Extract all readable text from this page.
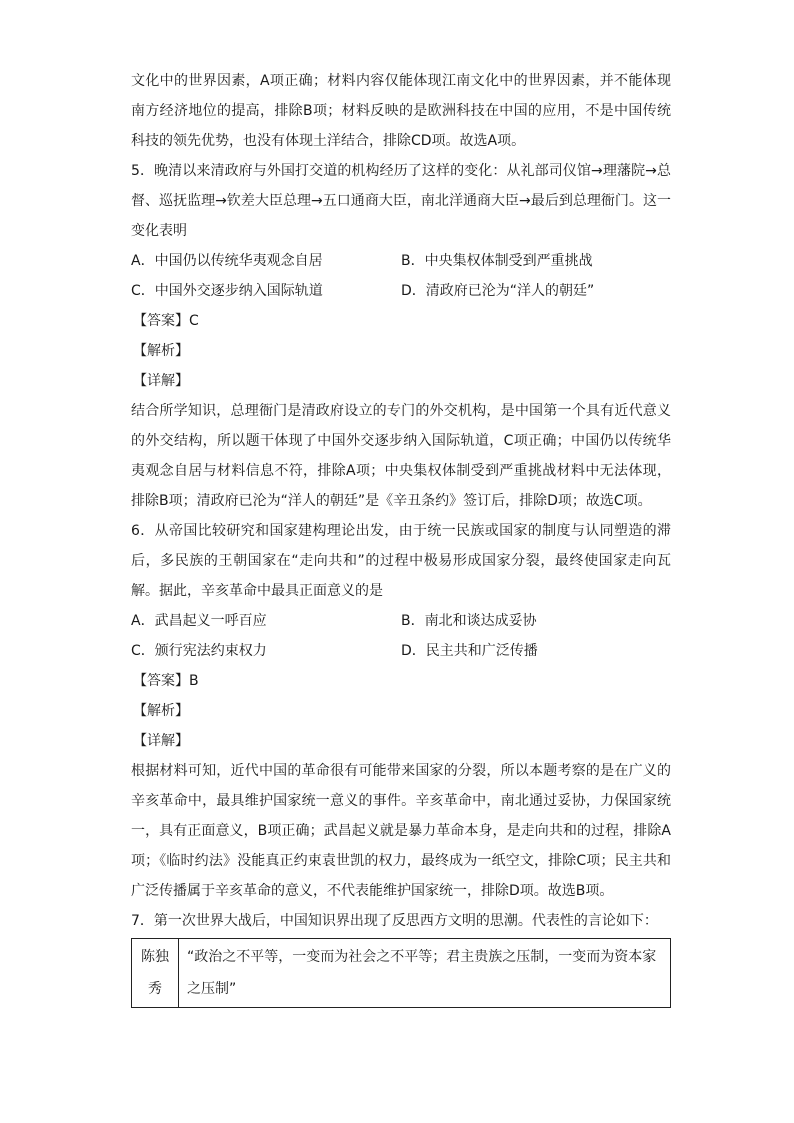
文化中的世界因素，A项正确；材料内容仅能体现江南文化中的世界因素，并不能体现南方经济地位的提高，排除B项；材料反映的是欧洲科技在中国的应用，不是中国传统科技的领先优势，也没有体现土洋结合，排除CD项。故选A项。

5．晚清以来清政府与外国打交道的机构经历了这样的变化：从礼部司仪馆→理藩院→总督、巡抚监理→钦差大臣总理→五口通商大臣，南北洋通商大臣→最后到总理衙门。这一变化表明

A．中国仍以传统华夷观念自居	B．中央集权体制受到严重挑战
C．中国外交逐步纳入国际轨道	D．清政府已沦为“洋人的朝廷”

【答案】C

【解析】

【详解】

结合所学知识，总理衙门是清政府设立的专门的外交机构，是中国第一个具有近代意义的外交结构，所以题干体现了中国外交逐步纳入国际轨道，C项正确；中国仍以传统华夷观念自居与材料信息不符，排除A项；中央集权体制受到严重挑战材料中无法体现，排除B项；清政府已沦为“洋人的朝廷”是《辛丑条约》签订后，排除D项；故选C项。

6．从帝国比较研究和国家建构理论出发，由于统一民族或国家的制度与认同塑造的滞后，多民族的王朝国家在“走向共和”的过程中极易形成国家分裂，最终使国家走向瓦解。据此，辛亥革命中最具正面意义的是

A．武昌起义一呼百应	B．南北和谈达成妥协
C．颁行宪法约束权力	D．民主共和广泛传播

【答案】B

【解析】

【详解】

根据材料可知，近代中国的革命很有可能带来国家的分裂，所以本题考察的是在广义的辛亥革命中，最具维护国家统一意义的事件。辛亥革命中，南北通过妥协，力保国家统一，具有正面意义，B项正确；武昌起义就是暴力革命本身，是走向共和的过程，排除A项；《临时约法》没能真正约束袁世凯的权力，最终成为一纸空文，排除C项；民主共和广泛传播属于辛亥革命的意义，不代表能维护国家统一，排除D项。故选B项。

7．第一次世界大战后，中国知识界出现了反思西方文明的思潮。代表性的言论如下：

陈独秀	“政治之不平等，一变而为社会之不平等；君主贵族之压制，一变而为资本家之压制”
